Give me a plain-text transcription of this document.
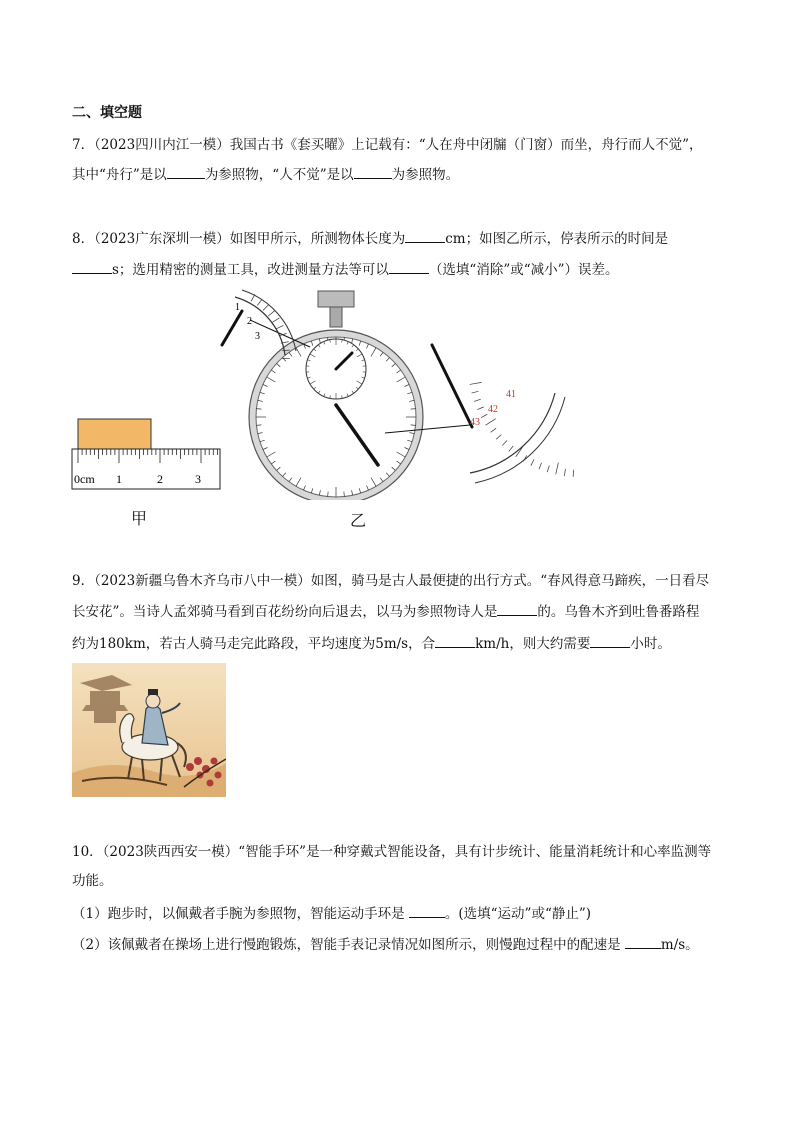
二、填空题
7．（2023四川内江一模）我国古书《套买曜》上记载有：“人在舟中闭牖（门窗）而坐，舟行而人不觉”，
其中“舟行”是以	为参照物，“人不觉”是以	为参照物。
8．（2023广东深圳一模）如图甲所示，所测物体长度为	cm；如图乙所示，停表所示的时间是
s；选用精密的测量工具，改进测量方法等可以	（选填“消除”或“减小”）误差。
0cm 1	2	3
1
2
3
41
42
43
甲	乙
9．（2023新疆乌鲁木齐乌市八中一模）如图，骑马是古人最便捷的出行方式。“春风得意马蹄疾，一日看尽
长安花”。当诗人孟郊骑马看到百花纷纷向后退去，以马为参照物诗人是	的。乌鲁木齐到吐鲁番路程
约为180km，若古人骑马走完此路段，平均速度为5m/s，合	km/h，则大约需要	小时。
10．（2023陕西西安一模）“智能手环”是一种穿戴式智能设备，具有计步统计、能量消耗统计和心率监测等
功能。
（1）跑步时，以佩戴者手腕为参照物，智能运动手环是	。(选填“运动”或“静止”)
（2）该佩戴者在操场上进行慢跑锻炼，智能手表记录情况如图所示，则慢跑过程中的配速是	m/s。
